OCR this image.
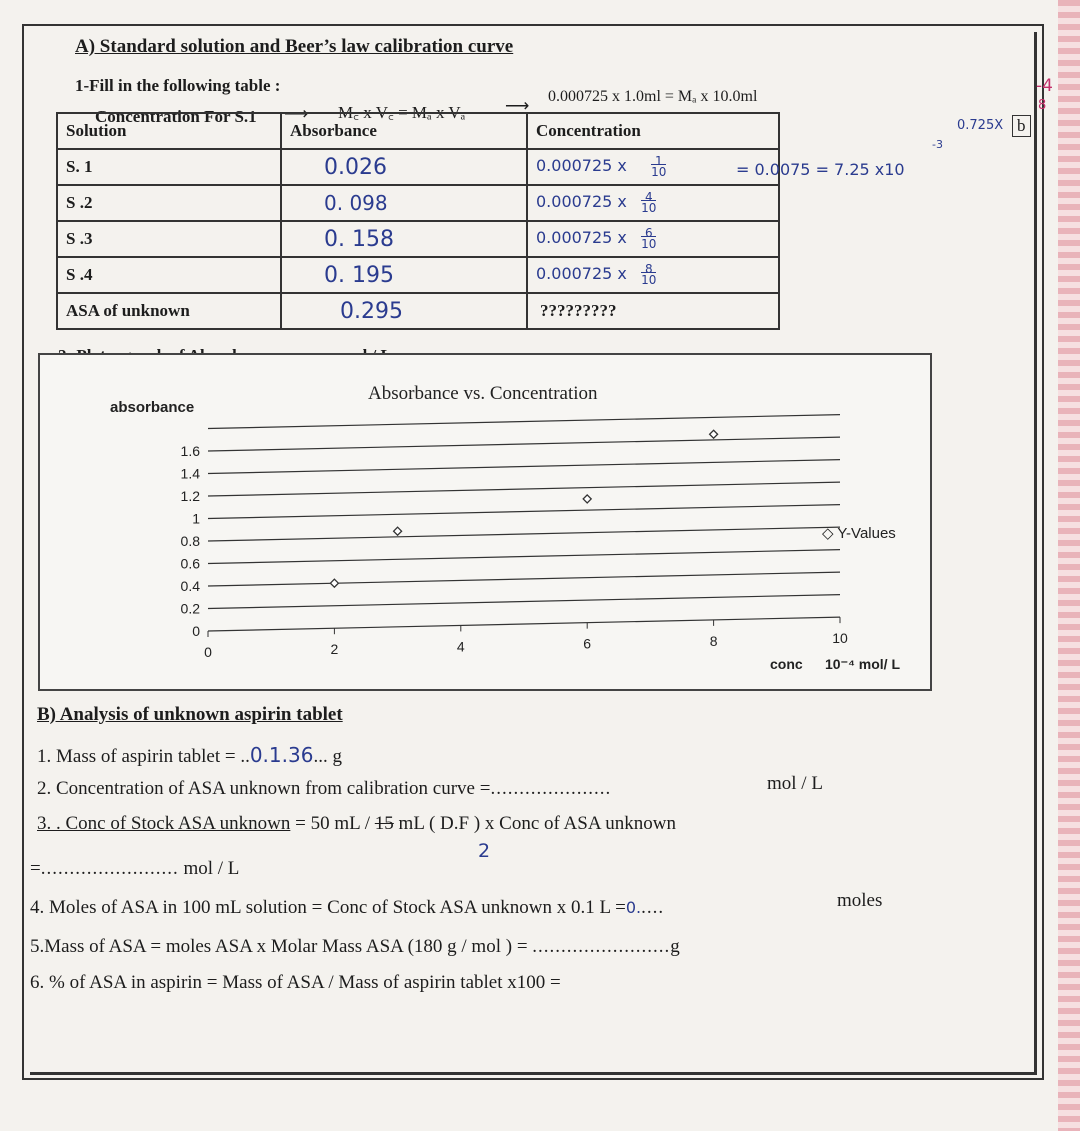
A) Standard solution and Beer’s law calibration curve
1-Fill in the following table :
Concentration For S.1 ⟶ M꜀ x V꜀ = Mₐ x Vₐ ⟶ 0.000725 x 1.0ml = Mₐ x 10.0ml
Solution	Absorbance	Concentration
S. 1	0.026	0.000725 x 1
10
S .2	0. 098	0.000725 x 4
10
S .3	0. 158	0.000725 x 6
10
S .4	0. 195	0.000725 x 8
10
ASA of unknown	0.295	?????????
= 0.0075 = 7.25 x10
-3
0.725X b
-4
8
Absorbance vs. Concentration
absorbance
◇ Y-Values
conc 10⁻⁴ mol/ L
0
0.2
0.4
0.6
0.8
1
1.2
1.4
1.6
0	2	4	6	8	10
B) Analysis of unknown aspirin tablet
1. Mass of aspirin tablet = ..0.1.36... g
2. Concentration of ASA unknown from calibration curve =.....................	mol / L
3. . Conc of Stock ASA unknown = 50 mL / 15 mL ( D.F ) x Conc of ASA unknown
2
=........................ mol / L
4. Moles of ASA in 100 mL solution = Conc of Stock ASA unknown x 0.1 L =0.....	moles
5.Mass of ASA = moles ASA x Molar Mass ASA (180 g / mol ) = ........................g
6. % of ASA in aspirin = Mass of ASA / Mass of aspirin tablet x100 =
